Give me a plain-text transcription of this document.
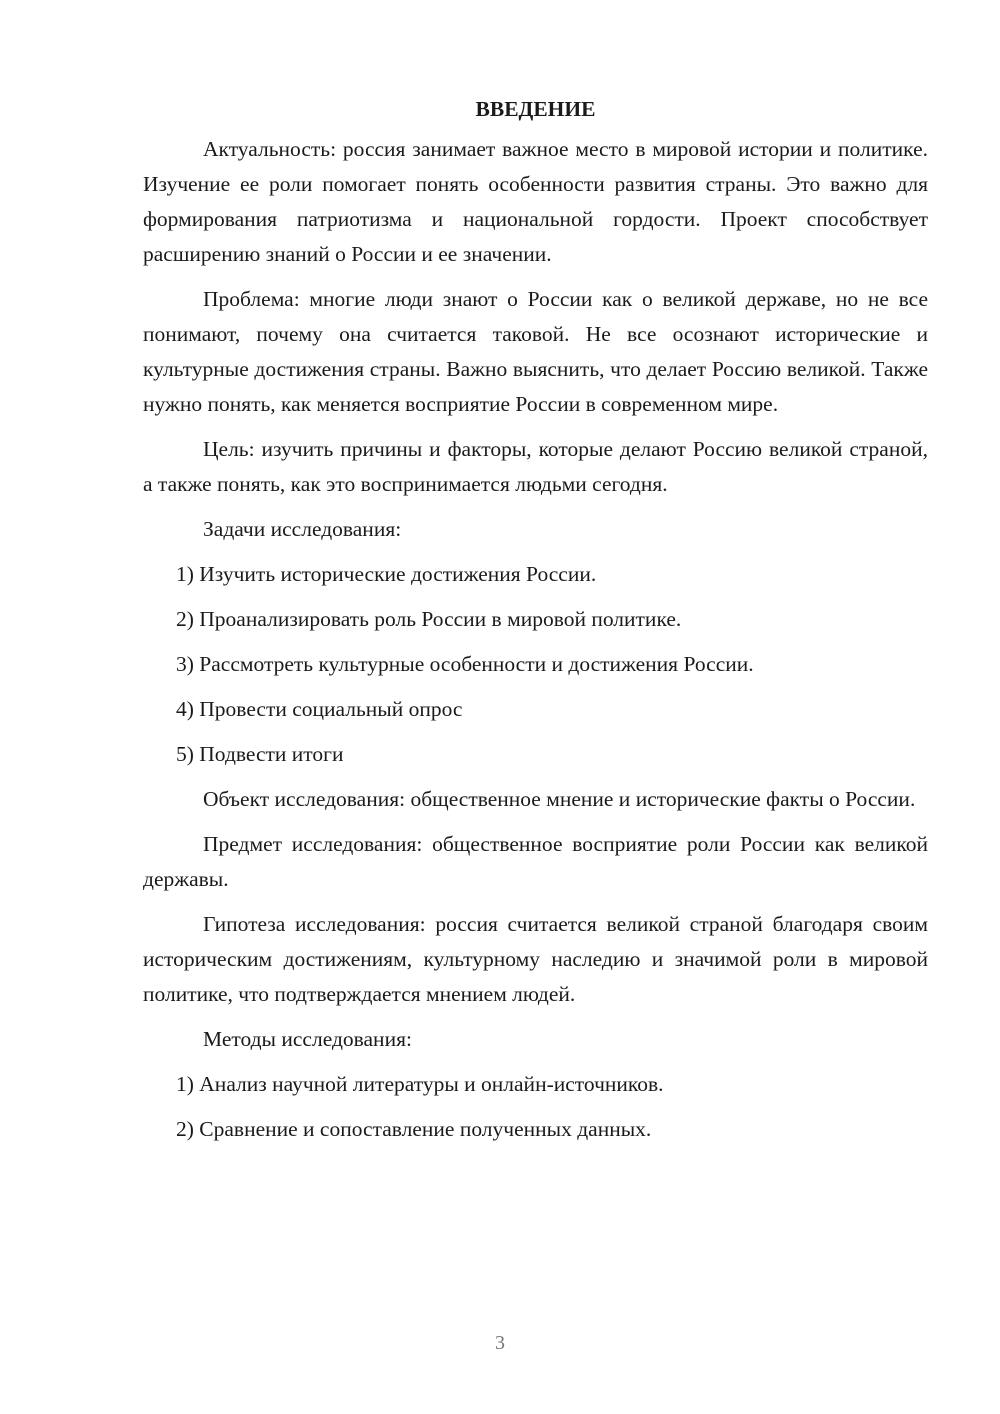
ВВЕДЕНИЕ

Актуальность: россия занимает важное место в мировой истории и политике. Изучение ее роли помогает понять особенности развития страны. Это важно для формирования патриотизма и национальной гордости. Проект способствует расширению знаний о России и ее значении.

Проблема: многие люди знают о России как о великой державе, но не все понимают, почему она считается таковой. Не все осознают исторические и культурные достижения страны. Важно выяснить, что делает Россию великой. Также нужно понять, как меняется восприятие России в современном мире.

Цель: изучить причины и факторы, которые делают Россию великой страной, а также понять, как это воспринимается людьми сегодня.

Задачи исследования:

1) Изучить исторические достижения России.

2) Проанализировать роль России в мировой политике.

3) Рассмотреть культурные особенности и достижения России.

4) Провести социальный опрос

5) Подвести итоги

Объект исследования: общественное мнение и исторические факты о России.

Предмет исследования: общественное восприятие роли России как великой державы.

Гипотеза исследования: россия считается великой страной благодаря своим историческим достижениям, культурному наследию и значимой роли в мировой политике, что подтверждается мнением людей.

Методы исследования:

1) Анализ научной литературы и онлайн-источников.

2) Сравнение и сопоставление полученных данных.

3
